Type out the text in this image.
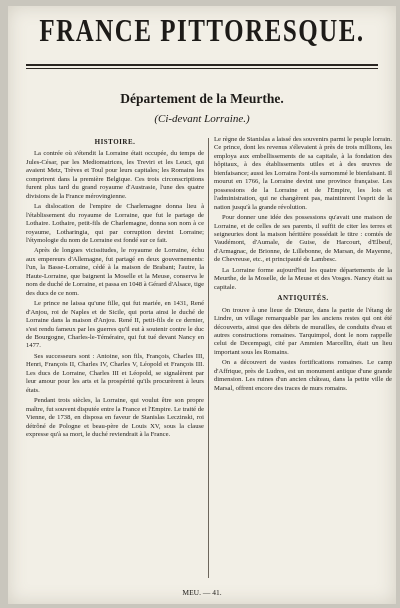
FRANCE PITTORESQUE.
Département de la Meurthe.
(Ci-devant Lorraine.)
HISTOIRE.

La contrée où s'étendit la Lorraine était occupée, du temps de Jules-César, par les Mediomatrices, les Treviri et les Leuci, qui avaient Metz, Trèves et Toul pour leurs capitales; les Romains les comprirent dans la première Belgique. Ces trois circonscriptions furent plus tard du grand royaume d'Austrasie, l'une des quatre divisions de la France mérovingienne.

La dislocation de l'empire de Charlemagne donna lieu à l'établissement du royaume de Lorraine, que fut le partage de Lothaire. Lothaire, petit-fils de Charlemagne, donna son nom à ce royaume, Lotharingia, qui par corruption devint Lorraine; l'étymologie du nom de Lorraine est fondé sur ce fait.

Après de longues vicissitudes, le royaume de Lorraine, échu aux empereurs d'Allemagne, fut partagé en deux gouvernements: l'un, la Basse-Lorraine, cédé à la maison de Brabant; l'autre, la Haute-Lorraine, que baignent la Moselle et la Meuse, conserva le nom de duché de Lorraine, et passa en 1048 à Gérard d'Alsace, tige des ducs de ce nom.

Le prince ne laissa qu'une fille, qui fut mariée, en 1431, René d'Anjou, roi de Naples et de Sicile, qui porta ainsi le duché de Lorraine dans la maison d'Anjou. René II, petit-fils de ce dernier, s'est rendu fameux par les guerres qu'il eut à soutenir contre le duc de Bourgogne, Charles-le-Téméraire, qui fut tué devant Nancy en 1477.

Ses successeurs sont : Antoine, son fils, François, Charles III, Henri, François II, Charles IV, Charles V, Léopold et François III. Les ducs de Lorraine, Charles III et Léopold, se signalèrent par leur amour pour les arts et la prospérité qu'ils procurèrent à leurs états.

Pendant trois siècles, la Lorraine, qui voulut être son propre maître, fut souvent disputée entre la France et l'Empire. Le traité de Vienne, de 1738, en disposa en faveur de Stanislas Leczinski, roi détrôné de Pologne et beau-père de Louis XV, sous la clause expresse qu'à sa mort, le duché reviendrait à la France.

Le règne de Stanislas a laissé des souvenirs parmi le peuple lorrain. Ce prince, dont les revenus s'élevaient à près de trois millions, les employa aux embellissements de sa capitale, à la fondation des hôpitaux, à des établissements utiles et à des œuvres de bienfaisance; aussi les Lorrains l'ont-ils surnommé le bienfaisant. Il mourut en 1766, la Lorraine devint une province française. Les possessions de la Lorraine et de l'Empire, les lois et l'administration, qui ne changèrent pas, maintinrent l'esprit de la nation jusqu'à la grande révolution.

Pour donner une idée des possessions qu'avait une maison de Lorraine, et de celles de ses parents, il suffit de citer les terres et seigneuries dont la maison héritière possédait le titre : comtés de Vaudémont, d'Aumale, de Guise, de Harcourt, d'Elbeuf, d'Armagnac, de Brionne, de Lillebonne, de Marsan, de Mayenne, de Chevreuse, etc., et principauté de Lambesc.

La Lorraine forme aujourd'hui les quatre départements de la Meurthe, de la Moselle, de la Meuse et des Vosges. Nancy était sa capitale.

ANTIQUITÉS.

On trouve à une lieue de Dieuze, dans la partie de l'étang de Lindre, un village remarquable par les anciens restes qui ont été découverts, ainsi que des débris de murailles, de conduits d'eau et autres constructions romaines. Tarquimpol, dont le nom rappelle celui de Decempagi, cité par Ammien Marcellin, était un lieu important sous les Romains.

On a découvert de vastes fortifications romaines. Le camp d'Affrique, près de Ludres, est un monument antique d'une grande dimension. Les ruines d'un ancien château, dans la petite ville de Marsal, offrent encore des traces de murs romains.

MEU. — 41.
